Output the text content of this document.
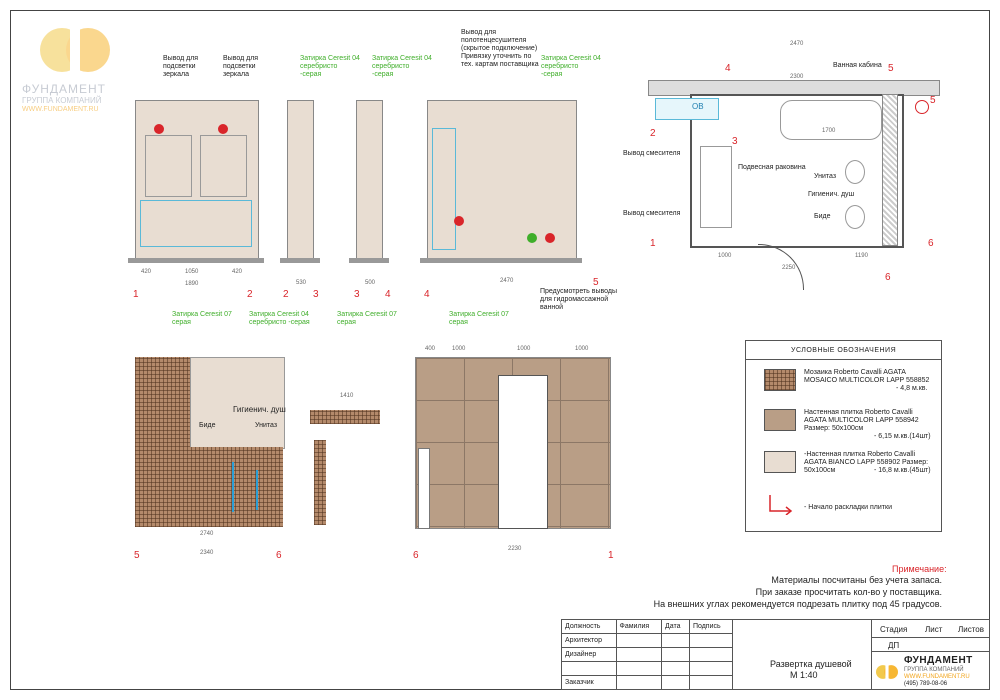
ФУНДАМЕНТ
ГРУППА КОМПАНИЙ
WWW.FUNDAMENT.RU
Вывод для подсветки зеркала
Вывод для подсветки зеркала
Затирка Ceresit 04 серебристо -серая
Затирка Ceresit 04 серебристо -серая
Вывод для полотенцесушителя (скрытое подключение) Привязку уточнить по тех. картам поставщика
Затирка Ceresit 04 серебристо -серая
Предусмотреть выводы для гидромассажной ванной
1	2	2 3	3	4	4
5
420	1050	420
1890	530	500	2470
2470
2300
1700
ОВ
Ванная кабина
Подвесная раковина
Вывод смесителя
Вывод смесителя
Унитаз
Гигиенич. душ
Биде
1000
2250
1190
4	5
5
2
3
1	6
6
Гигиенич. душ
Биде	Унитаз
2740
2340
Затирка Ceresit 07 серая
Затирка Ceresit 04 серебристо -серая
1410
Затирка Ceresit 07 серая
400	1000	1000	1000
2230
Затирка Ceresit 07 серая
5	6	6	1
УСЛОВНЫЕ ОБОЗНАЧЕНИЯ
Мозаика Roberto Cavalli AGATA MOSAICO MULTICOLOR LAPP 558852
- 4,8 м.кв.
Настенная плитка Roberto Cavalli AGATA MULTICOLOR LAPP 558942 Размер: 50х100см
- 6,15 м.кв.(14шт)
-Настенная плитка Roberto Cavalli AGATA BIANCO LAPP 558902 Размер: 50х100см	- 16,8 м.кв.(45шт)
- Начало раскладки плитки
Примечание:
Материалы посчитаны без учета запаса.
При заказе просчитать кол-во у поставщика.
На внешних углах рекомендуется подрезать плитку под 45 градусов.
Должность	Фамилия	Дата	Подпись
Архитектор			
Дизайнер			

Заказчик			
Развертка душевой
М 1:40
Стадия Лист Листов
ДП
ФУНДАМЕНТ
ГРУППА КОМПАНИЙ
WWW.FUNDAMENT.RU
(495) 789-08-06
